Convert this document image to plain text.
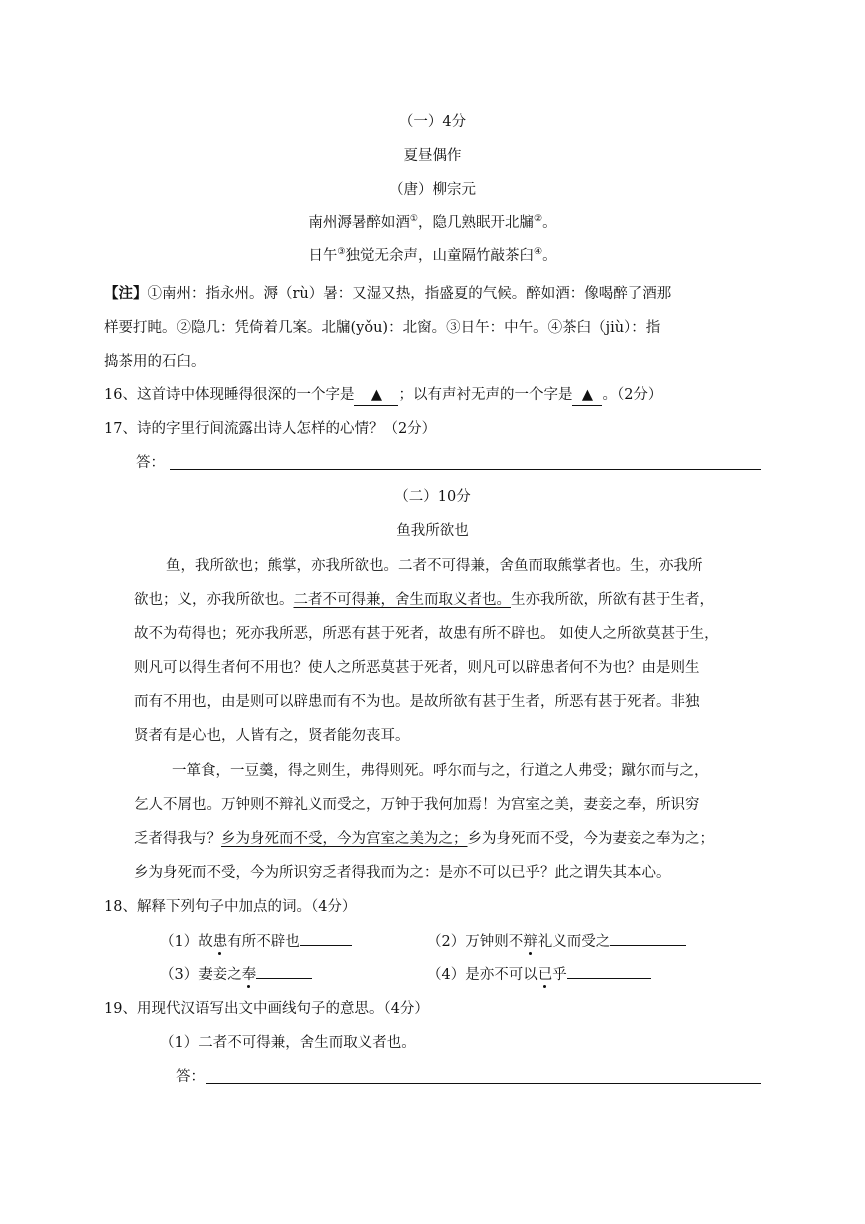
（一）4分
夏昼偶作
（唐）柳宗元
南州溽暑醉如酒①，隐几熟眠开北牖②。
日午③独觉无余声，山童隔竹敲茶臼④。
【注】①南州：指永州。溽（rù）暑：又湿又热，指盛夏的气候。醉如酒：像喝醉了酒那
样要打盹。②隐几：凭倚着几案。北牖(yǒu)：北窗。③日午：中午。④茶臼（jiù）：指
捣茶用的石臼。
16、这首诗中体现睡得很深的一个字是 ▲ ；以有声衬无声的一个字是 ▲ 。（2分）
17、诗的字里行间流露出诗人怎样的心情？（2分）
答：
（二）10分
鱼我所欲也
鱼，我所欲也；熊掌，亦我所欲也。二者不可得兼，舍鱼而取熊掌者也。生，亦我所
欲也；义，亦我所欲也。二者不可得兼，舍生而取义者也。生亦我所欲，所欲有甚于生者，
故不为苟得也；死亦我所恶，所恶有甚于死者，故患有所不辟也。 如使人之所欲莫甚于生，
则凡可以得生者何不用也？使人之所恶莫甚于死者，则凡可以辟患者何不为也？由是则生
而有不用也，由是则可以辟患而有不为也。是故所欲有甚于生者，所恶有甚于死者。非独
贤者有是心也，人皆有之，贤者能勿丧耳。
一箪食，一豆羹，得之则生，弗得则死。呼尔而与之，行道之人弗受；蹴尔而与之，
乞人不屑也。万钟则不辩礼义而受之，万钟于我何加焉！为宫室之美，妻妾之奉，所识穷
乏者得我与？乡为身死而不受，今为宫室之美为之；乡为身死而不受，今为妻妾之奉为之；
乡为身死而不受，今为所识穷乏者得我而为之：是亦不可以已乎？此之谓失其本心。
18、解释下列句子中加点的词。（4分）
（1）故患有所不辟也	（2）万钟则不辩礼义而受之
（3）妻妾之奉	（4）是亦不可以已乎
19、用现代汉语写出文中画线句子的意思。（4分）
（1）二者不可得兼，舍生而取义者也。
答：
